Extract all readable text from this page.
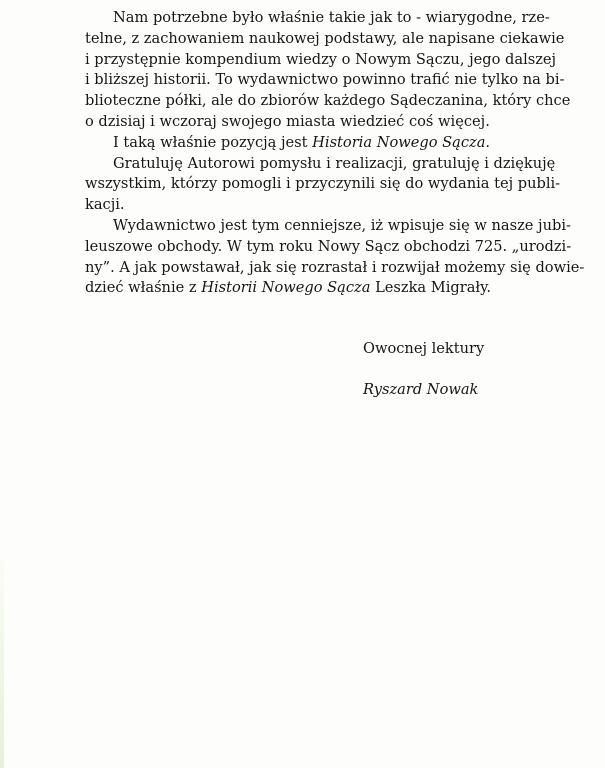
Nam potrzebne było właśnie takie jak to - wiarygodne, rze-
telne, z zachowaniem naukowej podstawy, ale napisane ciekawie
i przystępnie kompendium wiedzy o Nowym Sączu, jego dalszej
i bliższej historii. To wydawnictwo powinno trafić nie tylko na bi-
blioteczne półki, ale do zbiorów każdego Sądeczanina, który chce
o dzisiaj i wczoraj swojego miasta wiedzieć coś więcej.
I taką właśnie pozycją jest Historia Nowego Sącza.
Gratuluję Autorowi pomysłu i realizacji, gratuluję i dziękuję
wszystkim, którzy pomogli i przyczynili się do wydania tej publi-
kacji.
Wydawnictwo jest tym cenniejsze, iż wpisuje się w nasze jubi-
leuszowe obchody. W tym roku Nowy Sącz obchodzi 725. „urodzi-
ny”. A jak powstawał, jak się rozrastał i rozwijał możemy się dowie-
dzieć właśnie z Historii Nowego Sącza Leszka Migrały.
Owocnej lektury
Ryszard Nowak
